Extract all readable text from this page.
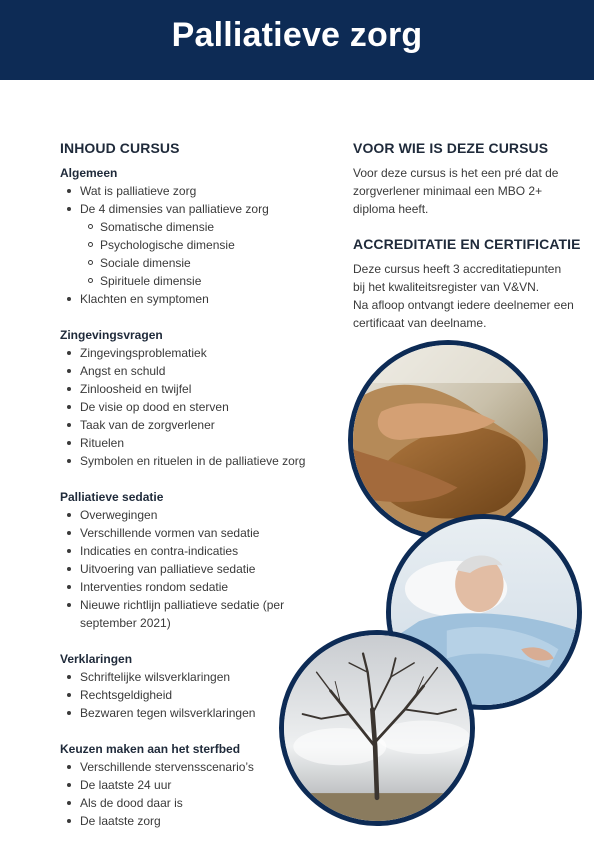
Palliatieve zorg
INHOUD CURSUS
Algemeen
Wat is palliatieve zorg
De 4 dimensies van palliatieve zorg
Somatische dimensie
Psychologische dimensie
Sociale dimensie
Spirituele dimensie
Klachten en symptomen
Zingevingsvragen
Zingevingsproblematiek
Angst en schuld
Zinloosheid en twijfel
De visie op dood en sterven
Taak van de zorgverlener
Rituelen
Symbolen en rituelen in de palliatieve zorg
Palliatieve sedatie
Overwegingen
Verschillende vormen van sedatie
Indicaties en contra-indicaties
Uitvoering van palliatieve sedatie
Interventies rondom sedatie
Nieuwe richtlijn palliatieve sedatie (per september 2021)
Verklaringen
Schriftelijke wilsverklaringen
Rechtsgeldigheid
Bezwaren tegen wilsverklaringen
Keuzen maken aan het sterfbed
Verschillende stervensscenario’s
De laatste 24 uur
Als de dood daar is
De laatste zorg
VOOR WIE IS DEZE CURSUS

Voor deze cursus is het een pré dat de
zorgverlener minimaal een MBO 2+
diploma heeft.

ACCREDITATIE EN CERTIFICATIE

Deze cursus heeft 3 accreditatiepunten
bij het kwaliteitsregister van V&VN.
Na afloop ontvangt iedere deelnemer een
certificaat van deelname.
